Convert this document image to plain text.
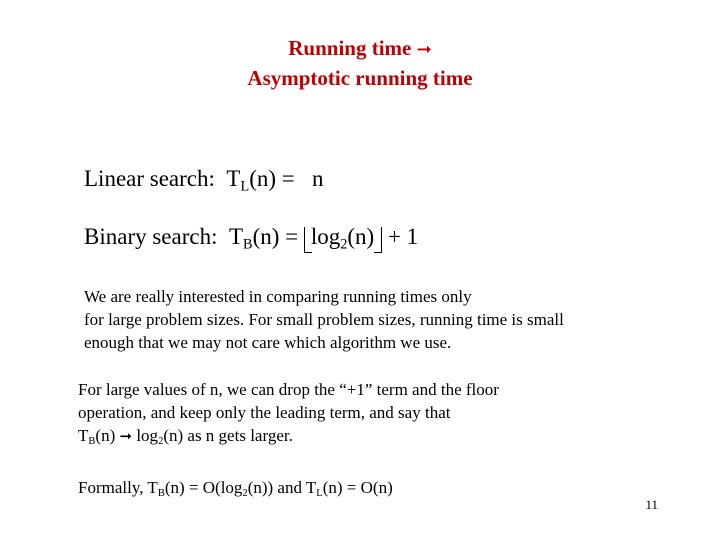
Running time ➞
Asymptotic running time
Linear search: $T_L(n) = n$
Binary search: $T_B(n) = \log_2(n) + 1$
We are really interested in comparing running times only
for large problem sizes. For small problem sizes, running time is small
enough that we may not care which algorithm we use.
For large values of n, we can drop the “+1” term and the floor
operation, and keep only the leading term, and say that
$T_B(n)$ ➞ $\log_2(n)$ as n gets larger.
Formally, $T_B(n) = O(\log_2(n))$ and $T_L(n) = O(n)$
11
